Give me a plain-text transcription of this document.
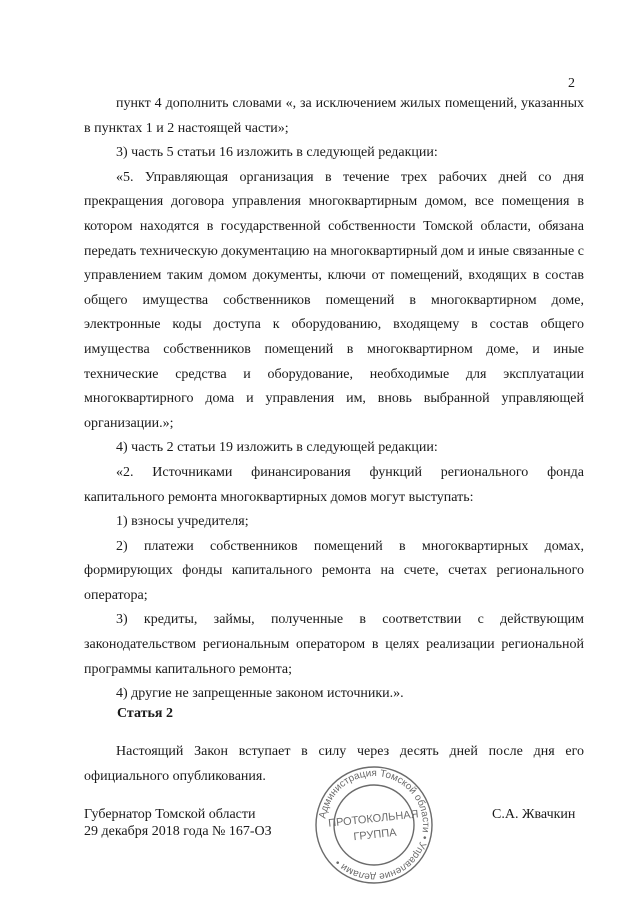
2

пункт 4 дополнить словами «, за исключением жилых помещений, указанных в пунктах 1 и 2 настоящей части»;

3) часть 5 статьи 16 изложить в следующей редакции:

«5. Управляющая организация в течение трех рабочих дней со дня прекращения договора управления многоквартирным домом, все помещения в котором находятся в государственной собственности Томской области, обязана передать техническую документацию на многоквартирный дом и иные связанные с управлением таким домом документы, ключи от помещений, входящих в состав общего имущества собственников помещений в многоквартирном доме, электронные коды доступа к оборудованию, входящему в состав общего имущества собственников помещений в многоквартирном доме, и иные технические средства и оборудование, необходимые для эксплуатации многоквартирного дома и управления им, вновь выбранной управляющей организации.»;

4) часть 2 статьи 19 изложить в следующей редакции:

«2. Источниками финансирования функций регионального фонда капитального ремонта многоквартирных домов могут выступать:

1) взносы учредителя;

2) платежи собственников помещений в многоквартирных домах, формирующих фонды капитального ремонта на счете, счетах регионального оператора;

3) кредиты, займы, полученные в соответствии с действующим законодательством региональным оператором в целях реализации региональной программы капитального ремонта;

4) другие не запрещенные законом источники.».

Статья 2

Настоящий Закон вступает в силу через десять дней после дня его официального опубликования.

Губернатор Томской области	С.А. Жвачкин
29 декабря 2018 года № 167-ОЗ
Администрация Томской области • Управление делами •
ПРОТОКОЛЬНАЯ
ГРУППА
